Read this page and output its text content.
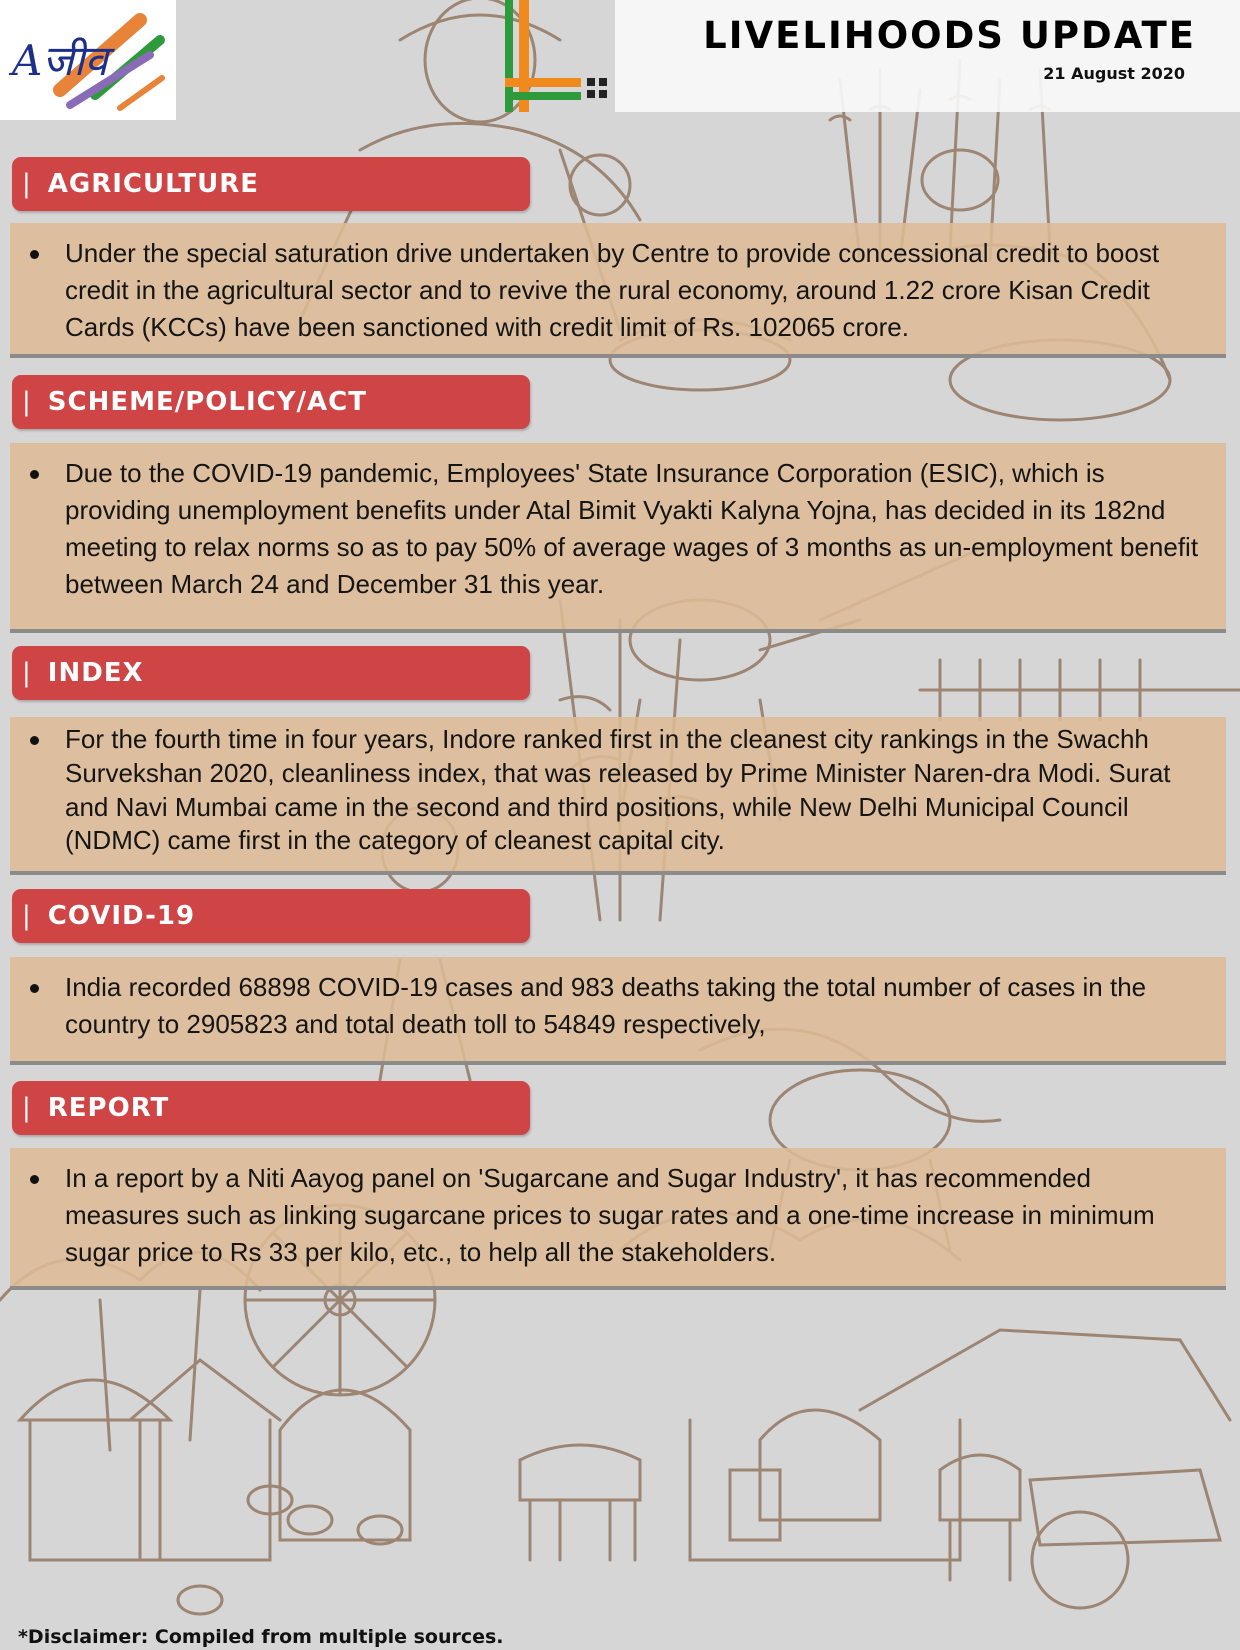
Aजीव
LIVELIHOODS UPDATE
21 August 2020
| AGRICULTURE
Under the special saturation drive undertaken by Centre to provide concessional credit to boost credit in the agricultural sector and to revive the rural economy, around 1.22 crore Kisan Credit Cards (KCCs) have been sanctioned with credit limit of Rs. 102065 crore.
| SCHEME/POLICY/ACT
Due to the COVID-19 pandemic, Employees' State Insurance Corporation (ESIC), which is providing unemployment benefits under Atal Bimit Vyakti Kalyna Yojna, has decided in its 182nd meeting to relax norms so as to pay 50% of average wages of 3 months as un-employment benefit between March 24 and December 31 this year.
| INDEX
For the fourth time in four years, Indore ranked first in the cleanest city rankings in the Swachh Survekshan 2020, cleanliness index, that was released by Prime Minister Naren-dra Modi. Surat and Navi Mumbai came in the second and third positions, while New Delhi Municipal Council (NDMC) came first in the category of cleanest capital city.
| COVID-19
India recorded 68898 COVID-19 cases and 983 deaths taking the total number of cases in the country to 2905823 and total death toll to 54849 respectively,
| REPORT
In a report by a Niti Aayog panel on 'Sugarcane and Sugar Industry', it has recommended measures such as linking sugarcane prices to sugar rates and a one-time increase in minimum sugar price to Rs 33 per kilo, etc., to help all the stakeholders.
*Disclaimer: Compiled from multiple sources.
